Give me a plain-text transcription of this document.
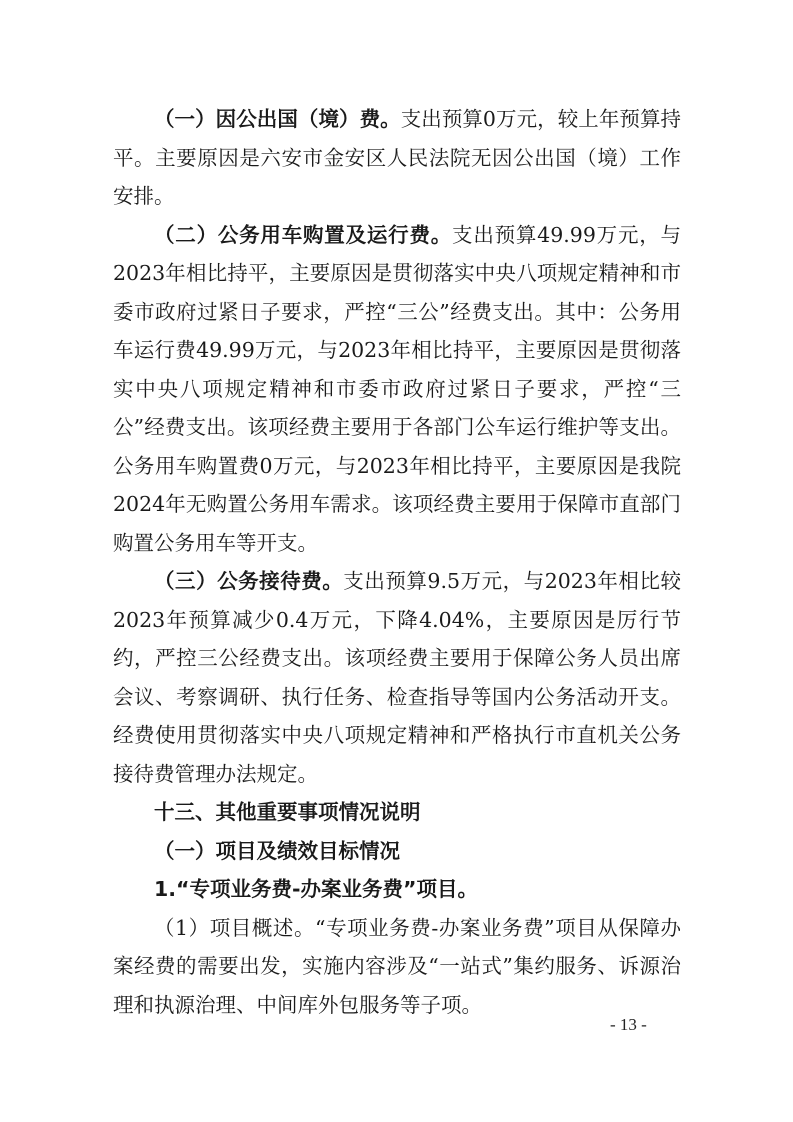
（一）因公出国（境）费。支出预算0万元，较上年预算持平。主要原因是六安市金安区人民法院无因公出国（境）工作安排。

（二）公务用车购置及运行费。支出预算49.99万元，与2023年相比持平，主要原因是贯彻落实中央八项规定精神和市委市政府过紧日子要求，严控“三公”经费支出。其中：公务用车运行费49.99万元，与2023年相比持平，主要原因是贯彻落实中央八项规定精神和市委市政府过紧日子要求，严控“三公”经费支出。该项经费主要用于各部门公车运行维护等支出。公务用车购置费0万元，与2023年相比持平，主要原因是我院2024年无购置公务用车需求。该项经费主要用于保障市直部门购置公务用车等开支。

（三）公务接待费。支出预算9.5万元，与2023年相比较2023年预算减少0.4万元，下降4.04%，主要原因是厉行节约，严控三公经费支出。该项经费主要用于保障公务人员出席会议、考察调研、执行任务、检查指导等国内公务活动开支。经费使用贯彻落实中央八项规定精神和严格执行市直机关公务接待费管理办法规定。

十三、其他重要事项情况说明

（一）项目及绩效目标情况

1.“专项业务费-办案业务费”项目。

（1）项目概述。“专项业务费-办案业务费”项目从保障办案经费的需要出发，实施内容涉及“一站式”集约服务、诉源治理和执源治理、中间库外包服务等子项。

- 13 -
